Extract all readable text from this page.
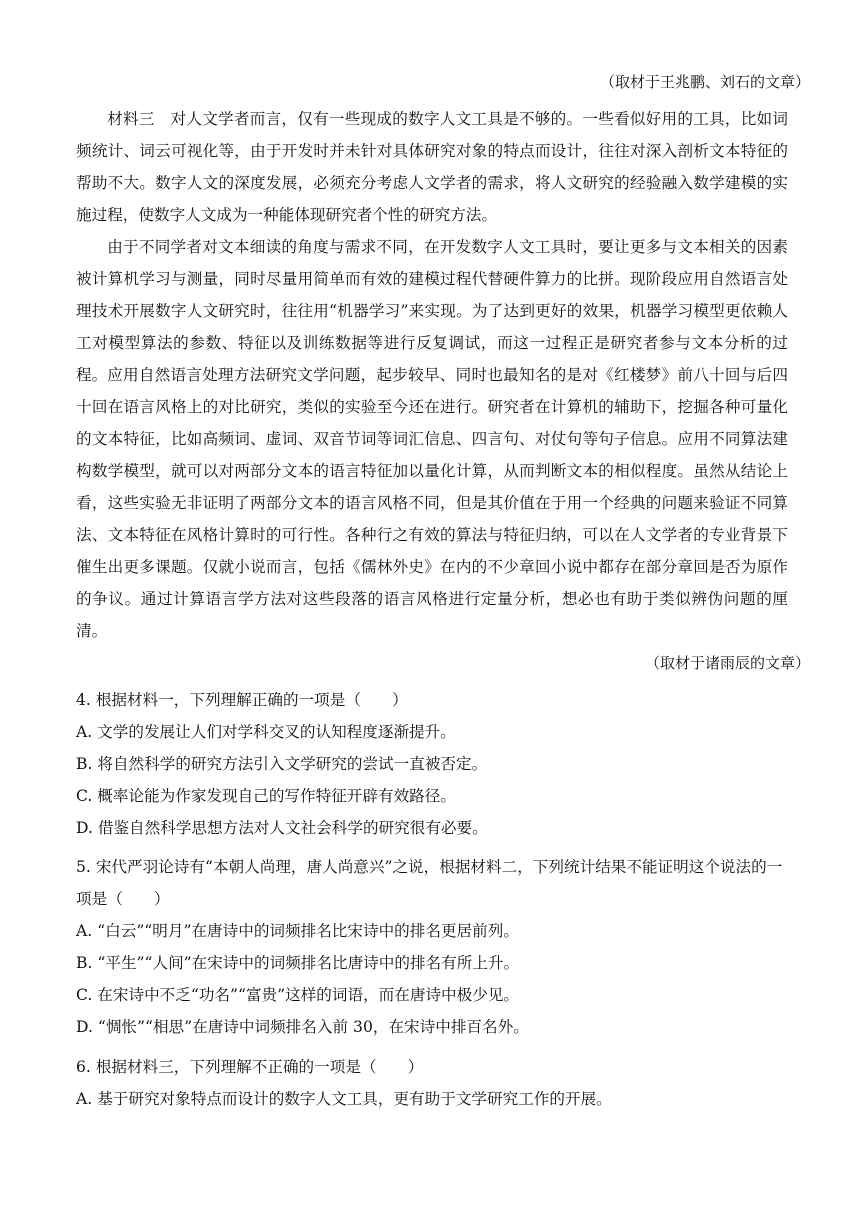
（取材于王兆鹏、刘石的文章）

材料三　对人文学者而言，仅有一些现成的数字人文工具是不够的。一些看似好用的工具，比如词频统计、词云可视化等，由于开发时并未针对具体研究对象的特点而设计，往往对深入剖析文本特征的帮助不大。数字人文的深度发展，必须充分考虑人文学者的需求，将人文研究的经验融入数学建模的实施过程，使数字人文成为一种能体现研究者个性的研究方法。

由于不同学者对文本细读的角度与需求不同，在开发数字人文工具时，要让更多与文本相关的因素被计算机学习与测量，同时尽量用简单而有效的建模过程代替硬件算力的比拼。现阶段应用自然语言处理技术开展数字人文研究时，往往用“机器学习”来实现。为了达到更好的效果，机器学习模型更依赖人工对模型算法的参数、特征以及训练数据等进行反复调试，而这一过程正是研究者参与文本分析的过程。 应用自然语言处理方法研究文学问题，起步较早、同时也最知名的是对《红楼梦》前八十回与后四十回在语言风格上的对比研究，类似的实验至今还在进行。研究者在计算机的辅助下，挖掘各种可量化的文本特征，比如高频词、虚词、双音节词等词汇信息、四言句、对仗句等句子信息。应用不同算法建构数学模型，就可以对两部分文本的语言特征加以量化计算，从而判断文本的相似程度。虽然从结论上看，这些实验无非证明了两部分文本的语言风格不同，但是其价值在于用一个经典的问题来验证不同算法、文本特征在风格计算时的可行性。各种行之有效的算法与特征归纳，可以在人文学者的专业背景下催生出更多课题。仅就小说而言，包括《儒林外史》在内的不少章回小说中都存在部分章回是否为原作的争议。通过计算语言学方法对这些段落的语言风格进行定量分析，想必也有助于类似辨伪问题的厘清。

（取材于诸雨辰的文章）
4. 根据材料一，下列理解正确的一项是（　　）
A. 文学的发展让人们对学科交叉的认知程度逐渐提升。
B. 将自然科学的研究方法引入文学研究的尝试一直被否定。
C. 概率论能为作家发现自己的写作特征开辟有效路径。
D. 借鉴自然科学思想方法对人文社会科学的研究很有必要。
5. 宋代严羽论诗有“本朝人尚理，唐人尚意兴”之说，根据材料二，下列统计结果不能证明这个说法的一项是（　　）
A. “白云”“明月”在唐诗中的词频排名比宋诗中的排名更居前列。
B. “平生”“人间”在宋诗中的词频排名比唐诗中的排名有所上升。
C. 在宋诗中不乏“功名”“富贵”这样的词语，而在唐诗中极少见。
D. “惆怅”“相思”在唐诗中词频排名入前 30，在宋诗中排百名外。
6. 根据材料三，下列理解不正确的一项是（　　）
A. 基于研究对象特点而设计的数字人文工具，更有助于文学研究工作的开展。
